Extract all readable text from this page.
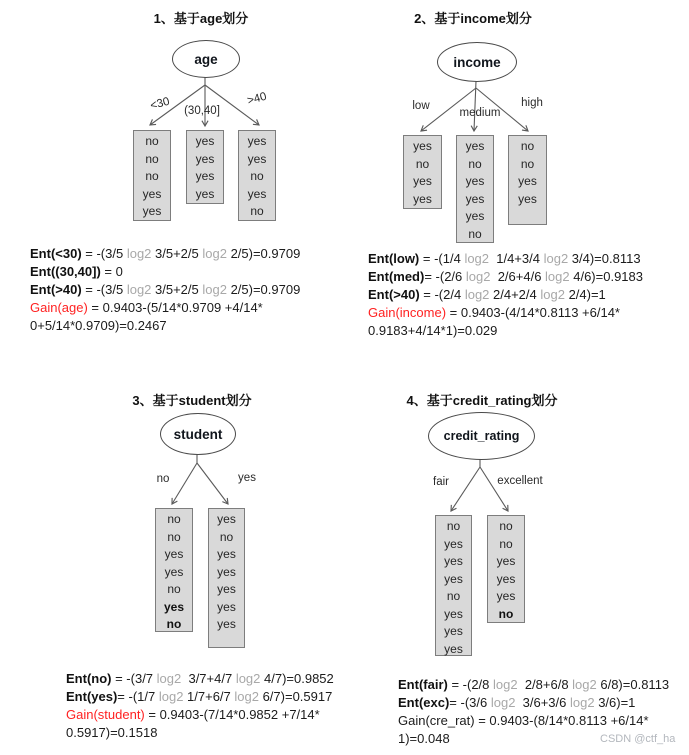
1、基于age划分
age
<30 (30,40]
>40
no
no
no
yes
yes
yes
yes
yes
yes
yes
yes
no
yes
no

Ent(<30) = -(3/5 log2 3/5+2/5 log2 2/5)=0.9709

Ent((30,40]) = 0

Ent(>40) = -(3/5 log2 3/5+2/5 log2 2/5)=0.9709

Gain(age) = 0.9403-(5/14*0.9709 +4/14*

0+5/14*0.9709)=0.2467

2、基于income划分
income
low
medium
high
yes
no
yes
yes
yes
no
yes
yes
yes
no
no
no
yes
yes

Ent(low) = -(1/4 log2  1/4+3/4 log2 3/4)=0.8113

Ent(med)= -(2/6 log2  2/6+4/6 log2 4/6)=0.9183

Ent(>40) = -(2/4 log2 2/4+2/4 log2 2/4)=1

Gain(income) = 0.9403-(4/14*0.8113 +6/14*

0.9183+4/14*1)=0.029

3、基于student划分
student
no	yes
no
no
yes
yes
no
yes
no
yes
no
yes
yes
yes
yes
yes

Ent(no) = -(3/7 log2  3/7+4/7 log2 4/7)=0.9852

Ent(yes)= -(1/7 log2 1/7+6/7 log2 6/7)=0.5917

Gain(student) = 0.9403-(7/14*0.9852 +7/14*

0.5917)=0.1518

4、基于credit_rating划分
credit_rating
fair	excellent
no
yes
yes
yes
no
yes
yes
yes
no
no
yes
yes
yes
no

Ent(fair) = -(2/8 log2  2/8+6/8 log2 6/8)=0.8113

Ent(exc)= -(3/6 log2  3/6+3/6 log2 3/6)=1

Gain(cre_rat) = 0.9403-(8/14*0.8113 +6/14*

1)=0.048	CSDN @ctf_ha
